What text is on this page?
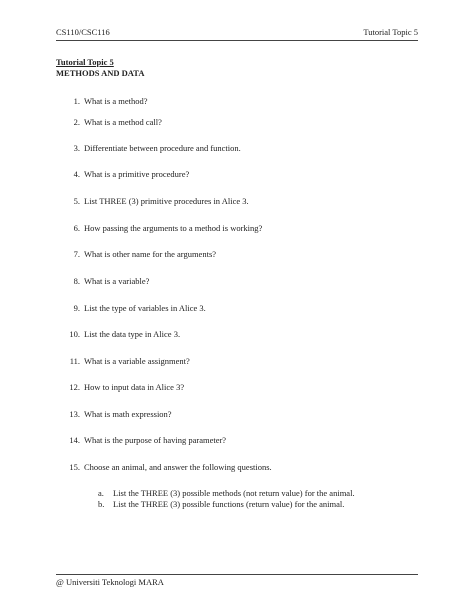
CS110/CSC116	Tutorial Topic 5
Tutorial Topic 5
METHODS AND DATA
1. What is a method?
2. What is a method call?
3. Differentiate between procedure and function.
4. What is a primitive procedure?
5. List THREE (3) primitive procedures in Alice 3.
6. How passing the arguments to a method is working?
7. What is other name for the arguments?
8. What is a variable?
9. List the type of variables in Alice 3.
10. List the data type in Alice 3.
11. What is a variable assignment?
12. How to input data in Alice 3?
13. What is math expression?
14. What is the purpose of having parameter?
15. Choose an animal, and answer the following questions.
a. List the THREE (3) possible methods (not return value) for the animal.
b. List the THREE (3) possible functions (return value) for the animal.
@ Universiti Teknologi MARA
